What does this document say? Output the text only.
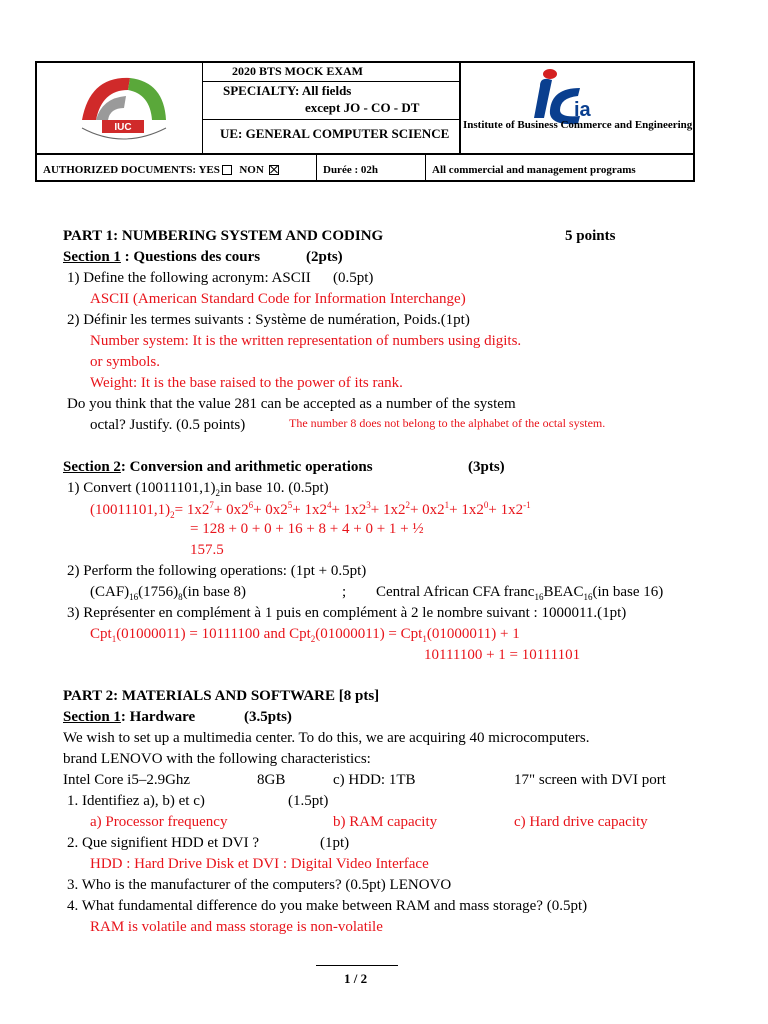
IUC
2020 BTS MOCK EXAM
SPECIALTY: All fields
except JO - CO - DT
UE: GENERAL COMPUTER SCIENCE
ia
Institute of Business Commerce and Engineering
AUTHORIZED DOCUMENTS: YES NON	Durée : 02h	All commercial and management programs
PART 1: NUMBERING SYSTEM AND CODING	5 points
Section 1 : Questions des cours	(2pts)
1) Define the following acronym: ASCII (0.5pt)
ASCII (American Standard Code for Information Interchange)
2) Définir les termes suivants : Système de numération, Poids.(1pt)
Number system: It is the written representation of numbers using digits.
or symbols.
Weight: It is the base raised to the power of its rank.
Do you think that the value 281 can be accepted as a number of the system
octal? Justify. (0.5 points)	The number 8 does not belong to the alphabet of the octal system.
Section 2: Conversion and arithmetic operations	(3pts)
1) Convert $(10011101,1)_2in$ base 10. (0.5pt)
$(10011101,1)_2= 1x2^7+ 0x2^6+ 0x2^5+ 1x2^4+ 1x2^3+ 1x2^2+ 0x2^1+ 1x2^0+ 1x2^{-1}$
= 128 + 0 + 0 + 16 + 8 + 4 + 0 + 1 + ½
157.5
2) Perform the following operations: (1pt + 0.5pt)
$(CAF)_{16}(1756)_8(in$ base 8)	; Central African CFA $franc_{16}BEAC_{16}(in$ base 16)
3) Représenter en complément à 1 puis en complément à 2 le nombre suivant : 1000011.(1pt)
Cpt$_1$(01000011) = 10111100 and Cpt$_2$(01000011) = Cpt$_1$(01000011) + 1
10111100 + 1 = 10111101
PART 2: MATERIALS AND SOFTWARE [8 pts]
Section 1: Hardware	(3.5pts)
We wish to set up a multimedia center. To do this, we are acquiring 40 microcomputers.
brand LENOVO with the following characteristics:
Intel Core i5–2.9Ghz	8GB	c) HDD: 1TB	17" screen with DVI port
1. Identifiez a), b) et c)	(1.5pt)
a) Processor frequency	b) RAM capacity	c) Hard drive capacity
2. Que signifient HDD et DVI ?	(1pt)
HDD : Hard Drive Disk et DVI : Digital Video Interface
3. Who is the manufacturer of the computers? (0.5pt) LENOVO
4. What fundamental difference do you make between RAM and mass storage? (0.5pt)
RAM is volatile and mass storage is non-volatile
1 / 2
